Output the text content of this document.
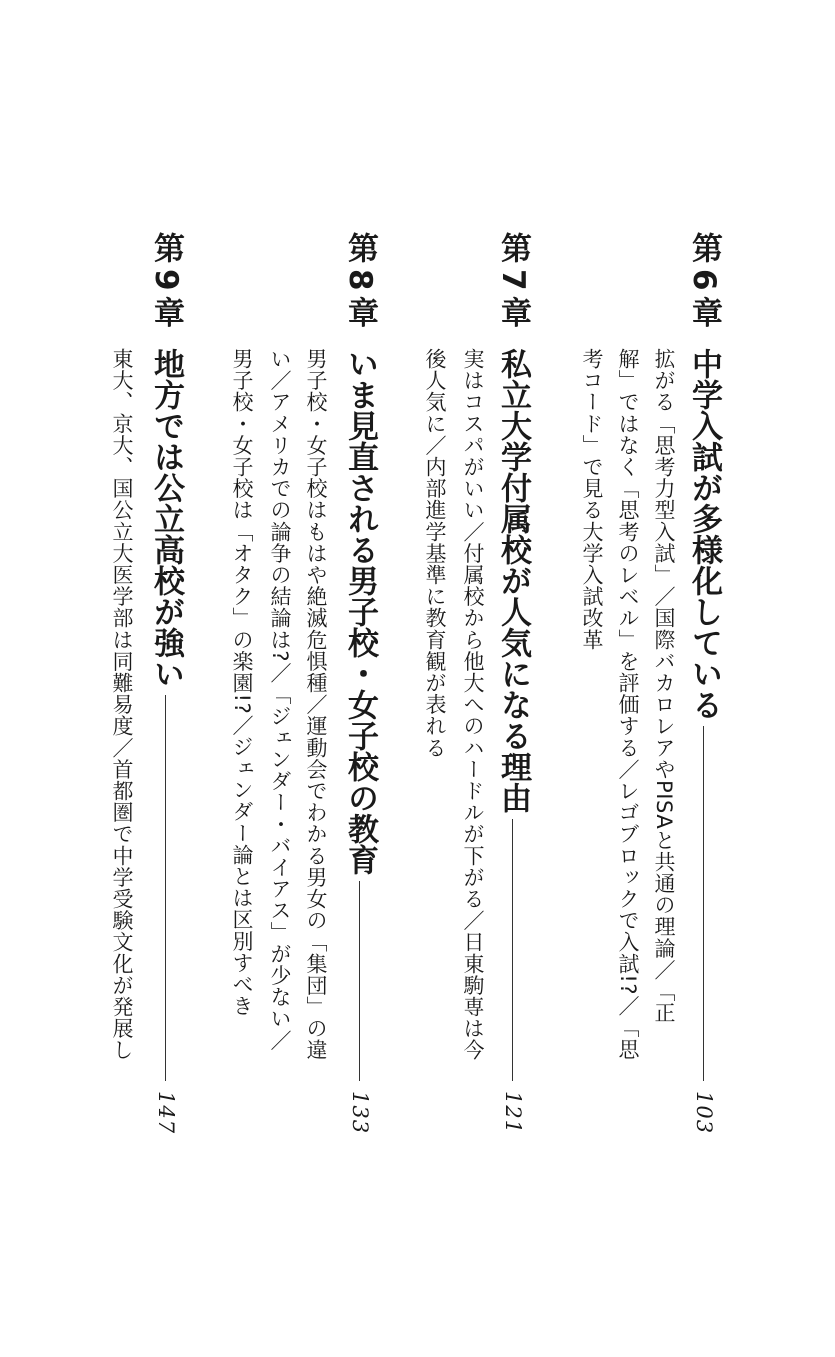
第6章
中学入試が多様化している
103
拡がる「思考力型入試」／国際バカロレアやPISAと共通の理論／「正
解」ではなく「思考のレベル」を評価する／レゴブロックで入試!?／「思
考コード」で見る大学入試改革
第7章
私立大学付属校が人気になる理由
121
実はコスパがいい／付属校から他大へのハードルが下がる／日東駒専は今
後人気に／内部進学基準に教育観が表れる
第8章
いま見直される男子校・女子校の教育
133
男子校・女子校はもはや絶滅危惧種／運動会でわかる男女の「集団」の違
い／アメリカでの論争の結論は?／「ジェンダー・バイアス」が少ない／
男子校・女子校は「オタク」の楽園!?／ジェンダー論とは区別すべき
第9章
地方では公立高校が強い
147
東大、京大、国公立大医学部は同難易度／首都圏で中学受験文化が発展し
